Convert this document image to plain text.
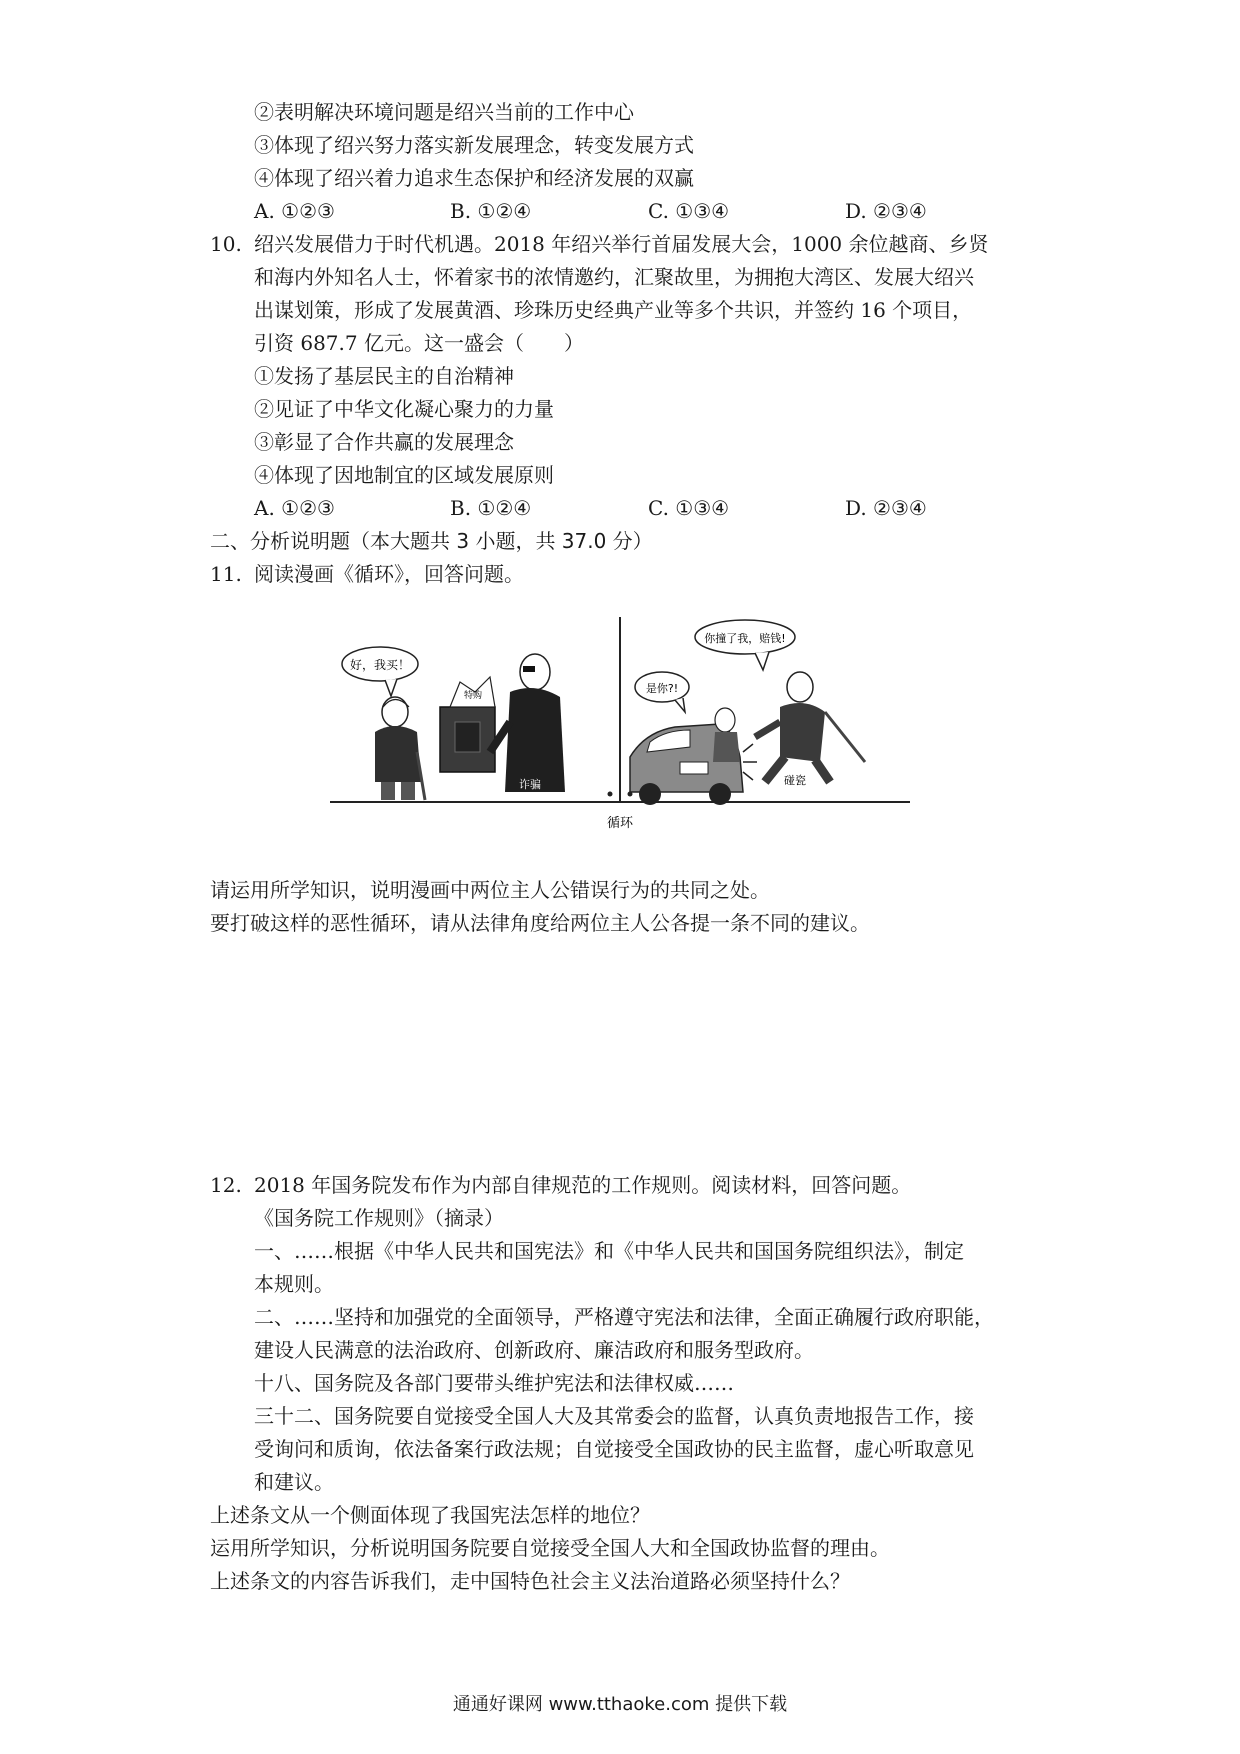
②表明解决环境问题是绍兴当前的工作中心
③体现了绍兴努力落实新发展理念，转变发展方式
④体现了绍兴着力追求生态保护和经济发展的双赢
A. ①②③	B. ①②④	C. ①③④	D. ②③④
10. 绍兴发展借力于时代机遇。2018 年绍兴举行首届发展大会，1000 余位越商、乡贤
和海内外知名人士，怀着家书的浓情邀约，汇聚故里，为拥抱大湾区、发展大绍兴
出谋划策，形成了发展黄酒、珍珠历史经典产业等多个共识，并签约 16 个项目，
引资 687.7 亿元。这一盛会（　　）
①发扬了基层民主的自治精神
②见证了中华文化凝心聚力的力量
③彰显了合作共赢的发展理念
④体现了因地制宜的区域发展原则
A. ①②③	B. ①②④	C. ①③④	D. ②③④
二、分析说明题（本大题共 3 小题，共 37.0 分）
11. 阅读漫画《循环》，回答问题。
好，我买！
特购
诈骗
你撞了我，赔钱!
是你?!
碰瓷
循环
请运用所学知识，说明漫画中两位主人公错误行为的共同之处。
要打破这样的恶性循环，请从法律角度给两位主人公各提一条不同的建议。
12. 2018 年国务院发布作为内部自律规范的工作规则。阅读材料，回答问题。
《国务院工作规则》（摘录）
一、……根据《中华人民共和国宪法》和《中华人民共和国国务院组织法》，制定
本规则。
二、……坚持和加强党的全面领导，严格遵守宪法和法律，全面正确履行政府职能，
建设人民满意的法治政府、创新政府、廉洁政府和服务型政府。
十八、国务院及各部门要带头维护宪法和法律权威……
三十二、国务院要自觉接受全国人大及其常委会的监督，认真负责地报告工作，接
受询问和质询，依法备案行政法规；自觉接受全国政协的民主监督，虚心听取意见
和建议。
上述条文从一个侧面体现了我国宪法怎样的地位？
运用所学知识，分析说明国务院要自觉接受全国人大和全国政协监督的理由。
上述条文的内容告诉我们，走中国特色社会主义法治道路必须坚持什么？
通通好课网 www.tthaoke.com 提供下载
